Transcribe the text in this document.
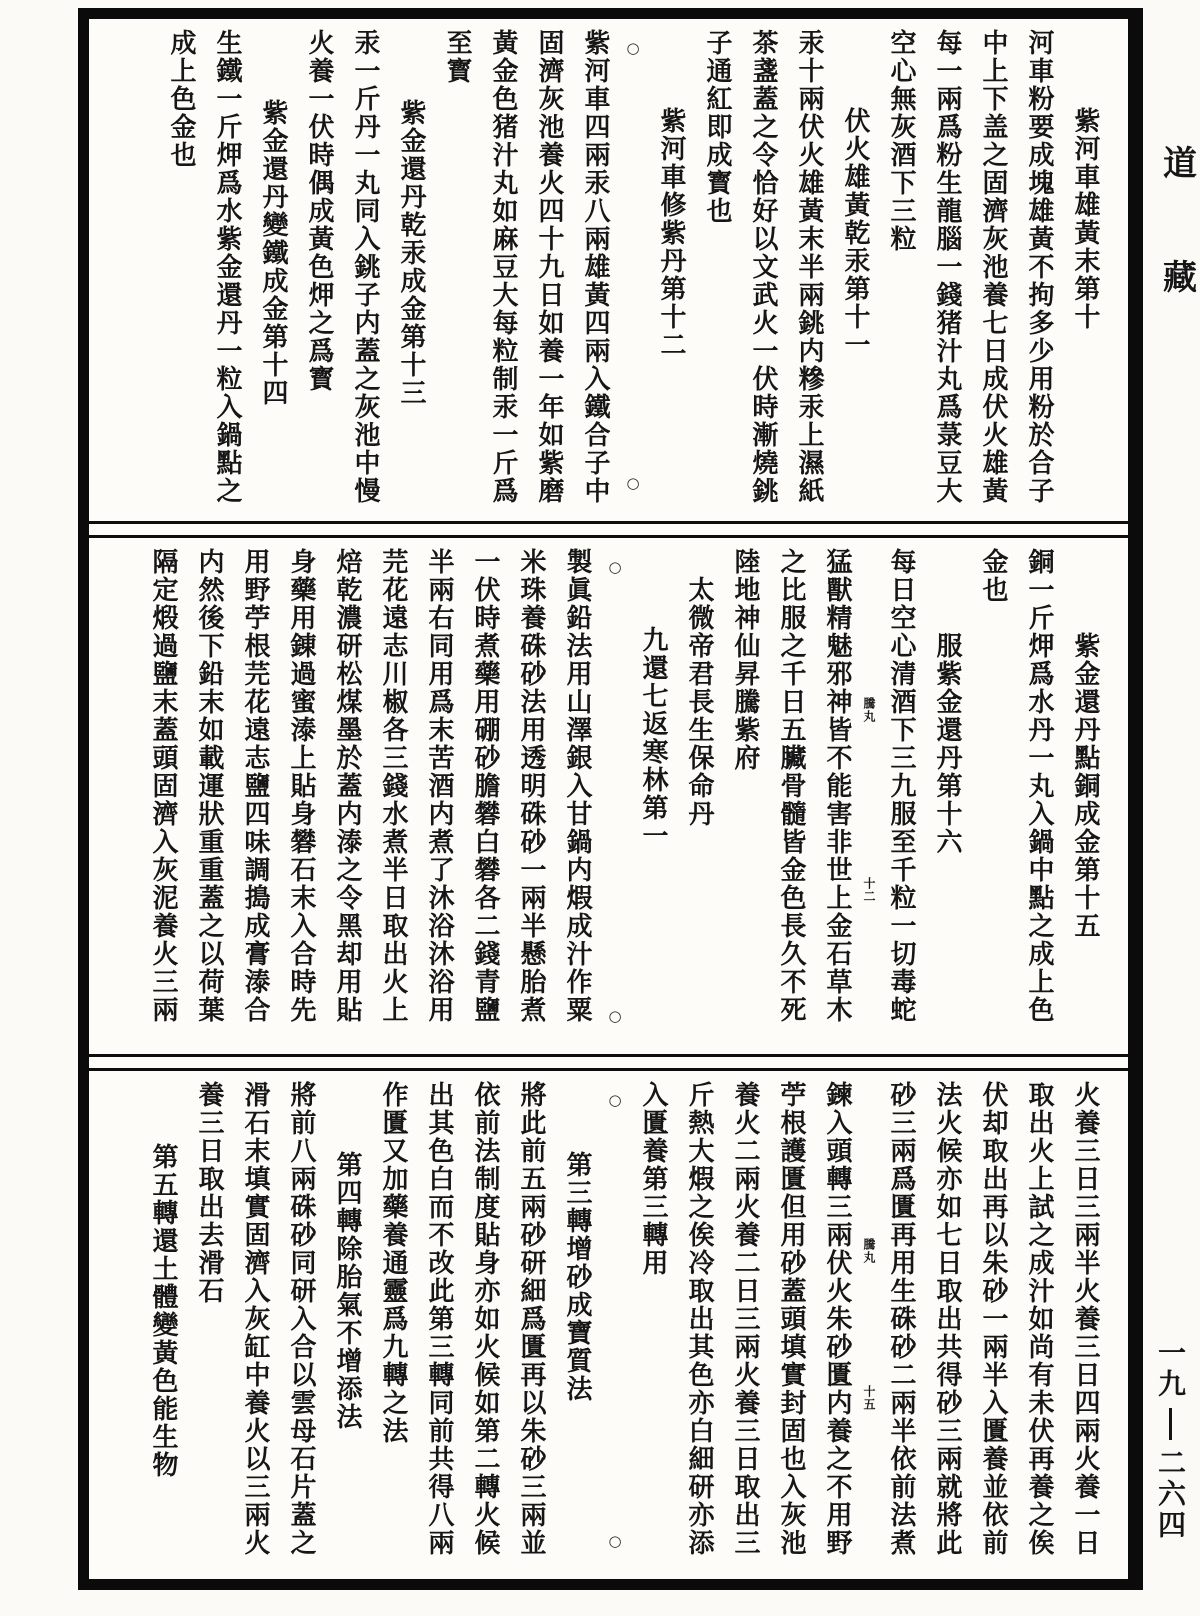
紫河車雄黃末第十
河車粉要成塊雄黃不拘多少用粉於合子
中上下盖之固濟灰池養七日成伏火雄黃
每一兩爲粉生龍腦一錢猪汁丸爲菉豆大
空心無灰酒下三粒
伏火雄黃乾汞第十一
汞十兩伏火雄黃末半兩銚内糝汞上濕紙
茶盞蓋之令恰好以文武火一伏時漸燒銚
子通紅即成寳也
紫河車修紫丹第十二
○
○
紫河車四兩汞八兩雄黃四兩入鐵合子中
固濟灰池養火四十九日如養一年如紫磨
黃金色猪汁丸如麻豆大每粒制汞一斤爲
至寳
紫金還丹乾汞成金第十三
汞一斤丹一丸同入銚子内蓋之灰池中慢
火養一伏時偶成黃色炠之爲寳
紫金還丹變鐵成金第十四
生鐵一斤炠爲水紫金還丹一粒入鍋點之
成上色金也
紫金還丹點銅成金第十五
銅一斤炠爲水丹一丸入鍋中點之成上色
金也
服紫金還丹第十六
每日空心清酒下三九服至千粒一切毒蛇
騰丸
十二
猛獸精魅邪神皆不能害非世上金石草木
之比服之千日五臟骨髓皆金色長久不死
陸地神仙昇騰紫府
太微帝君長生保命丹
九還七返寒林第一
○
○
製眞鉛法用山澤銀入甘鍋内煆成汁作粟
米珠養硃砂法用透明硃砂一兩半懸胎煮
一伏時煮藥用硼砂膽礬白礬各二錢青鹽
半兩右同用爲末苦酒内煮了沐浴沐浴用
芫花遠志川椒各三錢水煮半日取出火上
焙乾濃研松煤墨於蓋内溙之令黑却用貼
身藥用錬過蜜溙上貼身礬石末入合時先
用野苧根芫花遠志鹽四味調搗成膏溙合
内然後下鉛末如載運狀重重蓋之以荷葉
隔定煅過鹽末蓋頭固濟入灰泥養火三兩
火養三日三兩半火養三日四兩火養一日
取出火上試之成汁如尚有未伏再養之俟
伏却取出再以朱砂一兩半入匱養並依前
法火候亦如七日取出共得砂三兩就將此
砂三兩爲匱再用生硃砂二兩半依前法煮
騰丸
十五
鍊入頭轉三兩伏火朱砂匱内養之不用野
苧根護匱但用砂蓋頭填實封固也入灰池
養火二兩火養二日三兩火養三日取出三
斤熱大煆之俟冷取出其色亦白細研亦添
入匱養第三轉用
○
○
第三轉增砂成寶質法
將此前五兩砂研細爲匱再以朱砂三兩並
依前法制度貼身亦如火候如第二轉火候
出其色白而不改此第三轉同前共得八兩
作匱又加藥養通靈爲九轉之法
第四轉除胎氣不增添法
將前八兩硃砂同研入合以雲母石片蓋之
滑石末填實固濟入灰缸中養火以三兩火
養三日取出去滑石
第五轉還土體變黃色能生物
道
藏
一九
二六四
